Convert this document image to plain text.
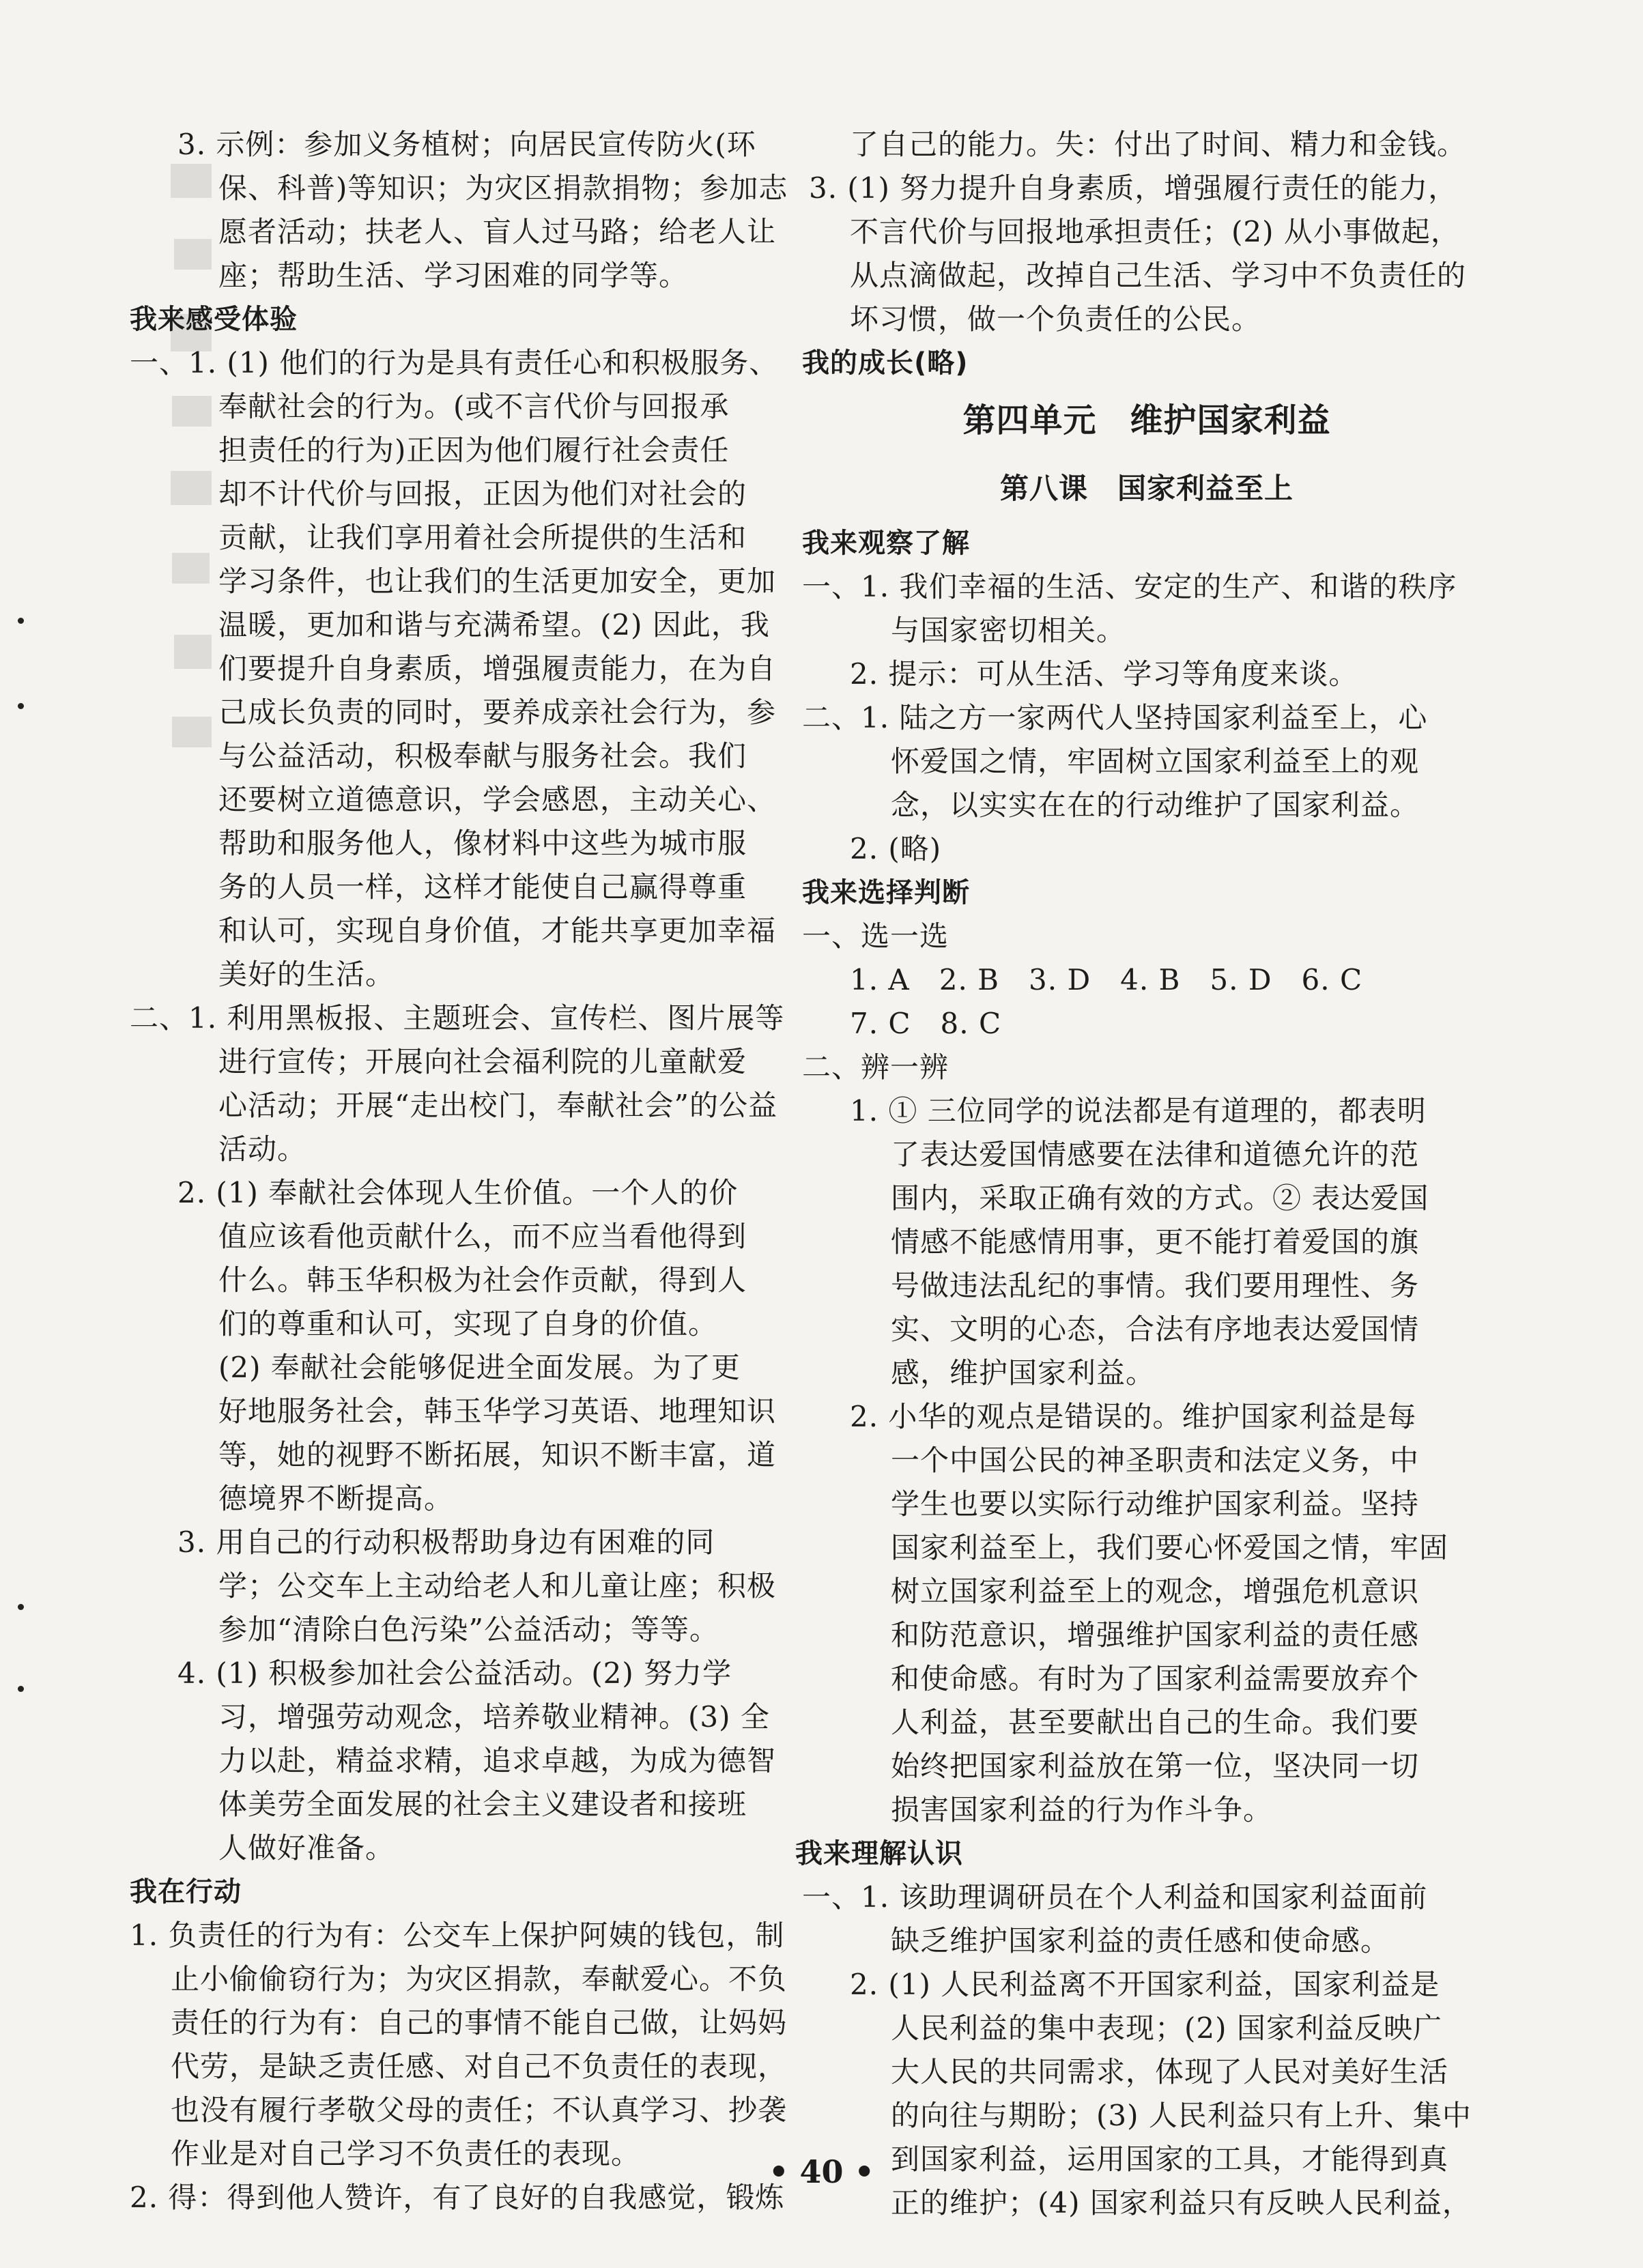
3. 示例：参加义务植树；向居民宣传防火(环

保、科普)等知识；为灾区捐款捐物；参加志

愿者活动；扶老人、盲人过马路；给老人让

座；帮助生活、学习困难的同学等。

我来感受体验

一、1. (1) 他们的行为是具有责任心和积极服务、

奉献社会的行为。(或不言代价与回报承

担责任的行为)正因为他们履行社会责任

却不计代价与回报，正因为他们对社会的

贡献，让我们享用着社会所提供的生活和

学习条件，也让我们的生活更加安全，更加

温暖，更加和谐与充满希望。(2) 因此，我

们要提升自身素质，增强履责能力，在为自

己成长负责的同时，要养成亲社会行为，参

与公益活动，积极奉献与服务社会。我们

还要树立道德意识，学会感恩，主动关心、

帮助和服务他人，像材料中这些为城市服

务的人员一样，这样才能使自己赢得尊重

和认可，实现自身价值，才能共享更加幸福

美好的生活。

二、1. 利用黑板报、主题班会、宣传栏、图片展等

进行宣传；开展向社会福利院的儿童献爱

心活动；开展“走出校门，奉献社会”的公益

活动。

2. (1) 奉献社会体现人生价值。一个人的价

值应该看他贡献什么，而不应当看他得到

什么。韩玉华积极为社会作贡献，得到人

们的尊重和认可，实现了自身的价值。

(2) 奉献社会能够促进全面发展。为了更

好地服务社会，韩玉华学习英语、地理知识

等，她的视野不断拓展，知识不断丰富，道

德境界不断提高。

3. 用自己的行动积极帮助身边有困难的同

学；公交车上主动给老人和儿童让座；积极

参加“清除白色污染”公益活动；等等。

4. (1) 积极参加社会公益活动。(2) 努力学

习，增强劳动观念，培养敬业精神。(3) 全

力以赴，精益求精，追求卓越，为成为德智

体美劳全面发展的社会主义建设者和接班

人做好准备。

我在行动

1. 负责任的行为有：公交车上保护阿姨的钱包，制

止小偷偷窃行为；为灾区捐款，奉献爱心。不负

责任的行为有：自己的事情不能自己做，让妈妈

代劳，是缺乏责任感、对自己不负责任的表现，

也没有履行孝敬父母的责任；不认真学习、抄袭

作业是对自己学习不负责任的表现。

2. 得：得到他人赞许，有了良好的自我感觉，锻炼

了自己的能力。失：付出了时间、精力和金钱。

3. (1) 努力提升自身素质，增强履行责任的能力，

不言代价与回报地承担责任；(2) 从小事做起，

从点滴做起，改掉自己生活、学习中不负责任的

坏习惯，做一个负责任的公民。

我的成长(略)

第四单元　维护国家利益

第八课　国家利益至上

我来观察了解

一、1. 我们幸福的生活、安定的生产、和谐的秩序

与国家密切相关。

2. 提示：可从生活、学习等角度来谈。

二、1. 陆之方一家两代人坚持国家利益至上，心

怀爱国之情，牢固树立国家利益至上的观

念，以实实在在的行动维护了国家利益。

2. (略)

我来选择判断

一、选一选

1. A　2. B　3. D　4. B　5. D　6. C

7. C　8. C

二、辨一辨

1. ① 三位同学的说法都是有道理的，都表明

了表达爱国情感要在法律和道德允许的范

围内，采取正确有效的方式。② 表达爱国

情感不能感情用事，更不能打着爱国的旗

号做违法乱纪的事情。我们要用理性、务

实、文明的心态，合法有序地表达爱国情

感，维护国家利益。

2. 小华的观点是错误的。维护国家利益是每

一个中国公民的神圣职责和法定义务，中

学生也要以实际行动维护国家利益。坚持

国家利益至上，我们要心怀爱国之情，牢固

树立国家利益至上的观念，增强危机意识

和防范意识，增强维护国家利益的责任感

和使命感。有时为了国家利益需要放弃个

人利益，甚至要献出自己的生命。我们要

始终把国家利益放在第一位，坚决同一切

损害国家利益的行为作斗争。

我来理解认识

一、1. 该助理调研员在个人利益和国家利益面前

缺乏维护国家利益的责任感和使命感。

2. (1) 人民利益离不开国家利益，国家利益是

人民利益的集中表现；(2) 国家利益反映广

大人民的共同需求，体现了人民对美好生活

的向往与期盼；(3) 人民利益只有上升、集中

到国家利益，运用国家的工具，才能得到真

正的维护；(4) 国家利益只有反映人民利益，

• 40 •
